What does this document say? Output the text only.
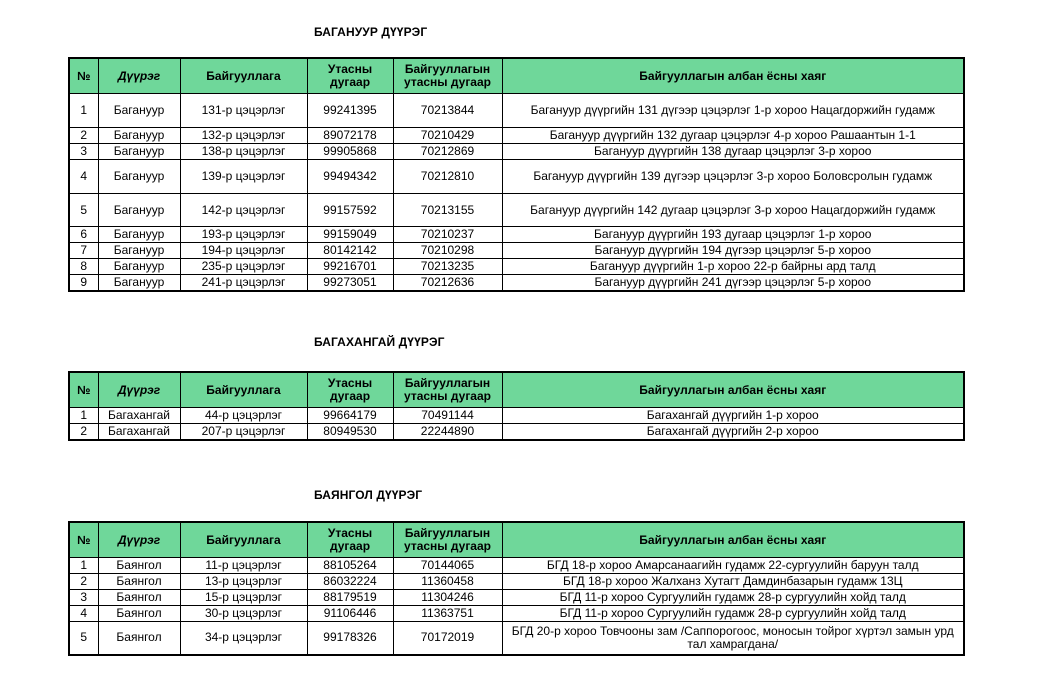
БАГАНУУР ДҮҮРЭГ
№	Дүүрэг	Байгууллага	Утасны
дугаар	Байгууллагын
утасны дугаар	Байгууллагын албан ёсны хаяг
1	Багануур	131-р цэцэрлэг	99241395	70213844	Багануур дүүргийн 131 дүгээр цэцэрлэг 1-р хороо Нацагдоржийн гудамж
2	Багануур	132-р цэцэрлэг	89072178	70210429	Багануур дүүргийн 132 дугаар цэцэрлэг 4-р хороо Рашаантын 1-1
3	Багануур	138-р цэцэрлэг	99905868	70212869	Багануур дүүргийн 138 дугаар цэцэрлэг 3-р хороо
4	Багануур	139-р цэцэрлэг	99494342	70212810	Багануур дүүргийн 139 дүгээр цэцэрлэг 3-р хороо Боловсролын гудамж
5	Багануур	142-р цэцэрлэг	99157592	70213155	Багануур дүүргийн 142 дугаар цэцэрлэг 3-р хороо Нацагдоржийн гудамж
6	Багануур	193-р цэцэрлэг	99159049	70210237	Багануур дүүргийн 193 дугаар цэцэрлэг 1-р хороо
7	Багануур	194-р цэцэрлэг	80142142	70210298	Багануур дүүргийн 194 дүгээр цэцэрлэг 5-р хороо
8	Багануур	235-р цэцэрлэг	99216701	70213235	Багануур дүүргийн 1-р хороо 22-р байрны ард талд
9	Багануур	241-р цэцэрлэг	99273051	70212636	Багануур дүүргийн 241 дүгээр цэцэрлэг 5-р хороо
БАГАХАНГАЙ ДҮҮРЭГ
№	Дүүрэг	Байгууллага	Утасны
дугаар	Байгууллагын
утасны дугаар	Байгууллагын албан ёсны хаяг
1	Багахангай	44-р цэцэрлэг	99664179	70491144	Багахангай дүүргийн 1-р хороо
2	Багахангай	207-р цэцэрлэг	80949530	22244890	Багахангай дүүргийн 2-р хороо
БАЯНГОЛ ДҮҮРЭГ
№	Дүүрэг	Байгууллага	Утасны
дугаар	Байгууллагын
утасны дугаар	Байгууллагын албан ёсны хаяг
1	Баянгол	11-р цэцэрлэг	88105264	70144065	БГД 18-р хороо Амарсанаагийн гудамж 22-сургуулийн баруун талд
2	Баянгол	13-р цэцэрлэг	86032224	11360458	БГД 18-р хороо Жалханз Хутагт Дамдинбазарын гудамж 13Ц
3	Баянгол	15-р цэцэрлэг	88179519	11304246	БГД 11-р хороо Сургуулийн гудамж 28-р сургуулийн хойд талд
4	Баянгол	30-р цэцэрлэг	91106446	11363751	БГД 11-р хороо Сургуулийн гудамж 28-р сургуулийн хойд талд
5	Баянгол	34-р цэцэрлэг	99178326	70172019	БГД 20-р хороо Товчооны зам /Саппорогоос, моносын тойрог хүртэл замын урд тал хамрагдана/
